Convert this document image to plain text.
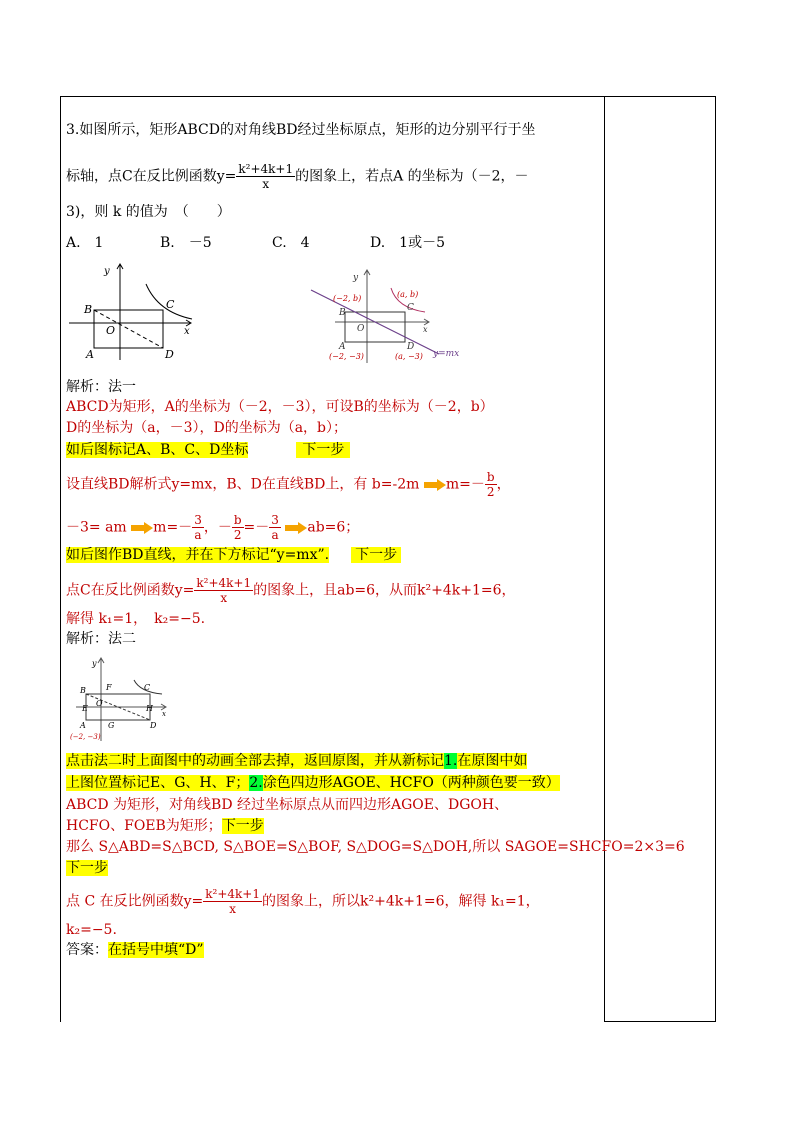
3.如图所示，矩形ABCD的对角线BD经过坐标原点，矩形的边分别平行于坐
标轴，点C在反比例函数$y= \frac{\text{k²+4k+1}}{x}$ 的图象上，若点A 的坐标为（－2，－
3)，则 k 的值为　（　　）
A.　1	B.　－5	C.　4	D.　1或－5
y
B	C
O	x
A	D
y
(−2, b)	(a, b)
B	C
O	x
A	D
(−2, −3)	(a, −3) y=mx
解析：法一
ABCD为矩形，A的坐标为（－2，－3），可设B的坐标为（－2，b）
D的坐标为（a，－3），D的坐标为（a，b）；
如后图标记A、B、C、D坐标	下一步
设直线BD解析式y=mx，B、D在直线BD上，有 b=-2m $m=- \frac{b}{2}$ ，
－3= am $m=- \frac{3}{a}$ ，－ $\frac{b}{2} =- \frac{3}{a} ab=6$；
如后图作BD直线，并在下方标记“y=mx”. 下一步
点C在反比例函数$y= \frac{\text{k²+4k+1}}{x}$ 的图象上，且ab=6，从而k²+4k+1=6，
解得 k₁=1，　k₂=−5.
解析：法二
y
B	F	C
E
O
H
x
A	G	D
(−2, −3)
点击法二时上面图中的动画全部去掉，返回原图，并从新标记1.在原图中如
上图位置标记E、G、H、F；2.涂色四边形AGOE、HCFO（两种颜色要一致）
ABCD 为矩形，对角线BD 经过坐标原点从而四边形AGOE、DGOH、
HCFO、FOEB为矩形；下一步
那么 S△ABD=S△BCD, S△BOE=S△BOF, S△DOG=S△DOH,所以 SAGOE=SHCFO=2×3=6
下一步
点 C 在反比例函数$y= \frac{\text{k²+4k+1}}{x}$ 的图象上，所以k²+4k+1=6，解得 k₁=1，
k₂=−5.
答案：在括号中填“D”
